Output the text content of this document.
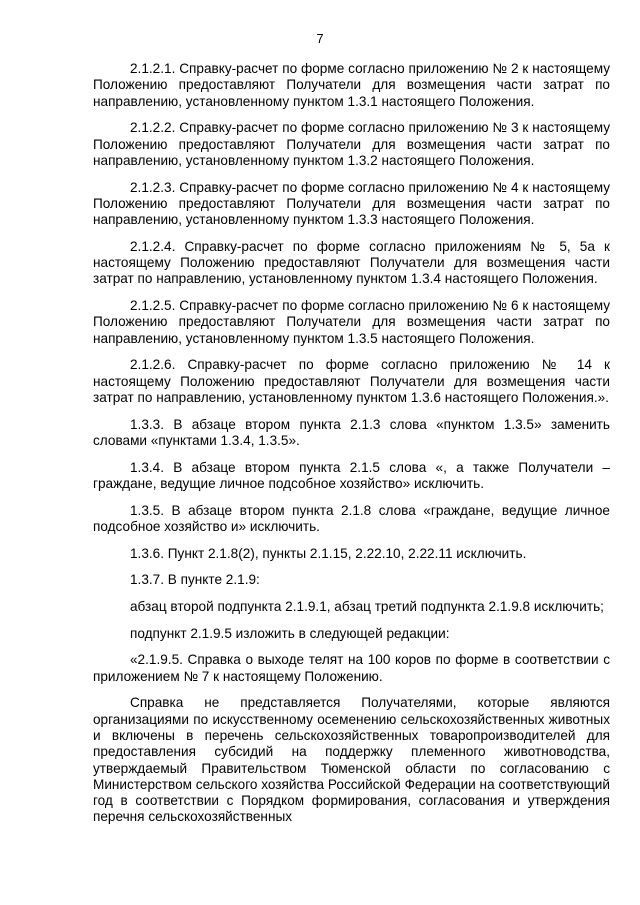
7

2.1.2.1. Справку-расчет по форме согласно приложению № 2 к настоящему Положению предоставляют Получатели для возмещения части затрат по направлению, установленному пунктом 1.3.1 настоящего Положения.

2.1.2.2. Справку-расчет по форме согласно приложению № 3 к настоящему Положению предоставляют Получатели для возмещения части затрат по направлению, установленному пунктом 1.3.2 настоящего Положения.

2.1.2.3. Справку-расчет по форме согласно приложению № 4 к настоящему Положению предоставляют Получатели для возмещения части затрат по направлению, установленному пунктом 1.3.3 настоящего Положения.

2.1.2.4. Справку-расчет по форме согласно приложениям № 5, 5а к настоящему Положению предоставляют Получатели для возмещения части затрат по направлению, установленному пунктом 1.3.4 настоящего Положения.

2.1.2.5. Справку-расчет по форме согласно приложению № 6 к настоящему Положению предоставляют Получатели для возмещения части затрат по направлению, установленному пунктом 1.3.5 настоящего Положения.

2.1.2.6. Справку-расчет по форме согласно приложению № 14 к настоящему Положению предоставляют Получатели для возмещения части затрат по направлению, установленному пунктом 1.3.6 настоящего Положения.».

1.3.3. В абзаце втором пункта 2.1.3 слова «пунктом 1.3.5» заменить словами «пунктами 1.3.4, 1.3.5».

1.3.4. В абзаце втором пункта 2.1.5 слова «, а также Получатели – граждане, ведущие личное подсобное хозяйство» исключить.

1.3.5. В абзаце втором пункта 2.1.8 слова «граждане, ведущие личное подсобное хозяйство и» исключить.

1.3.6. Пункт 2.1.8(2), пункты 2.1.15, 2.22.10, 2.22.11 исключить.

1.3.7. В пункте 2.1.9:

абзац второй подпункта 2.1.9.1, абзац третий подпункта 2.1.9.8 исключить;

подпункт 2.1.9.5 изложить в следующей редакции:

«2.1.9.5. Справка о выходе телят на 100 коров по форме в соответствии с приложением № 7 к настоящему Положению.

Справка не представляется Получателями, которые являются организациями по искусственному осеменению сельскохозяйственных животных и включены в перечень сельскохозяйственных товаропроизводителей для предоставления субсидий на поддержку племенного животноводства, утверждаемый Правительством Тюменской области по согласованию с Министерством сельского хозяйства Российской Федерации на соответствующий год в соответствии с Порядком формирования, согласования и утверждения перечня сельскохозяйственных
